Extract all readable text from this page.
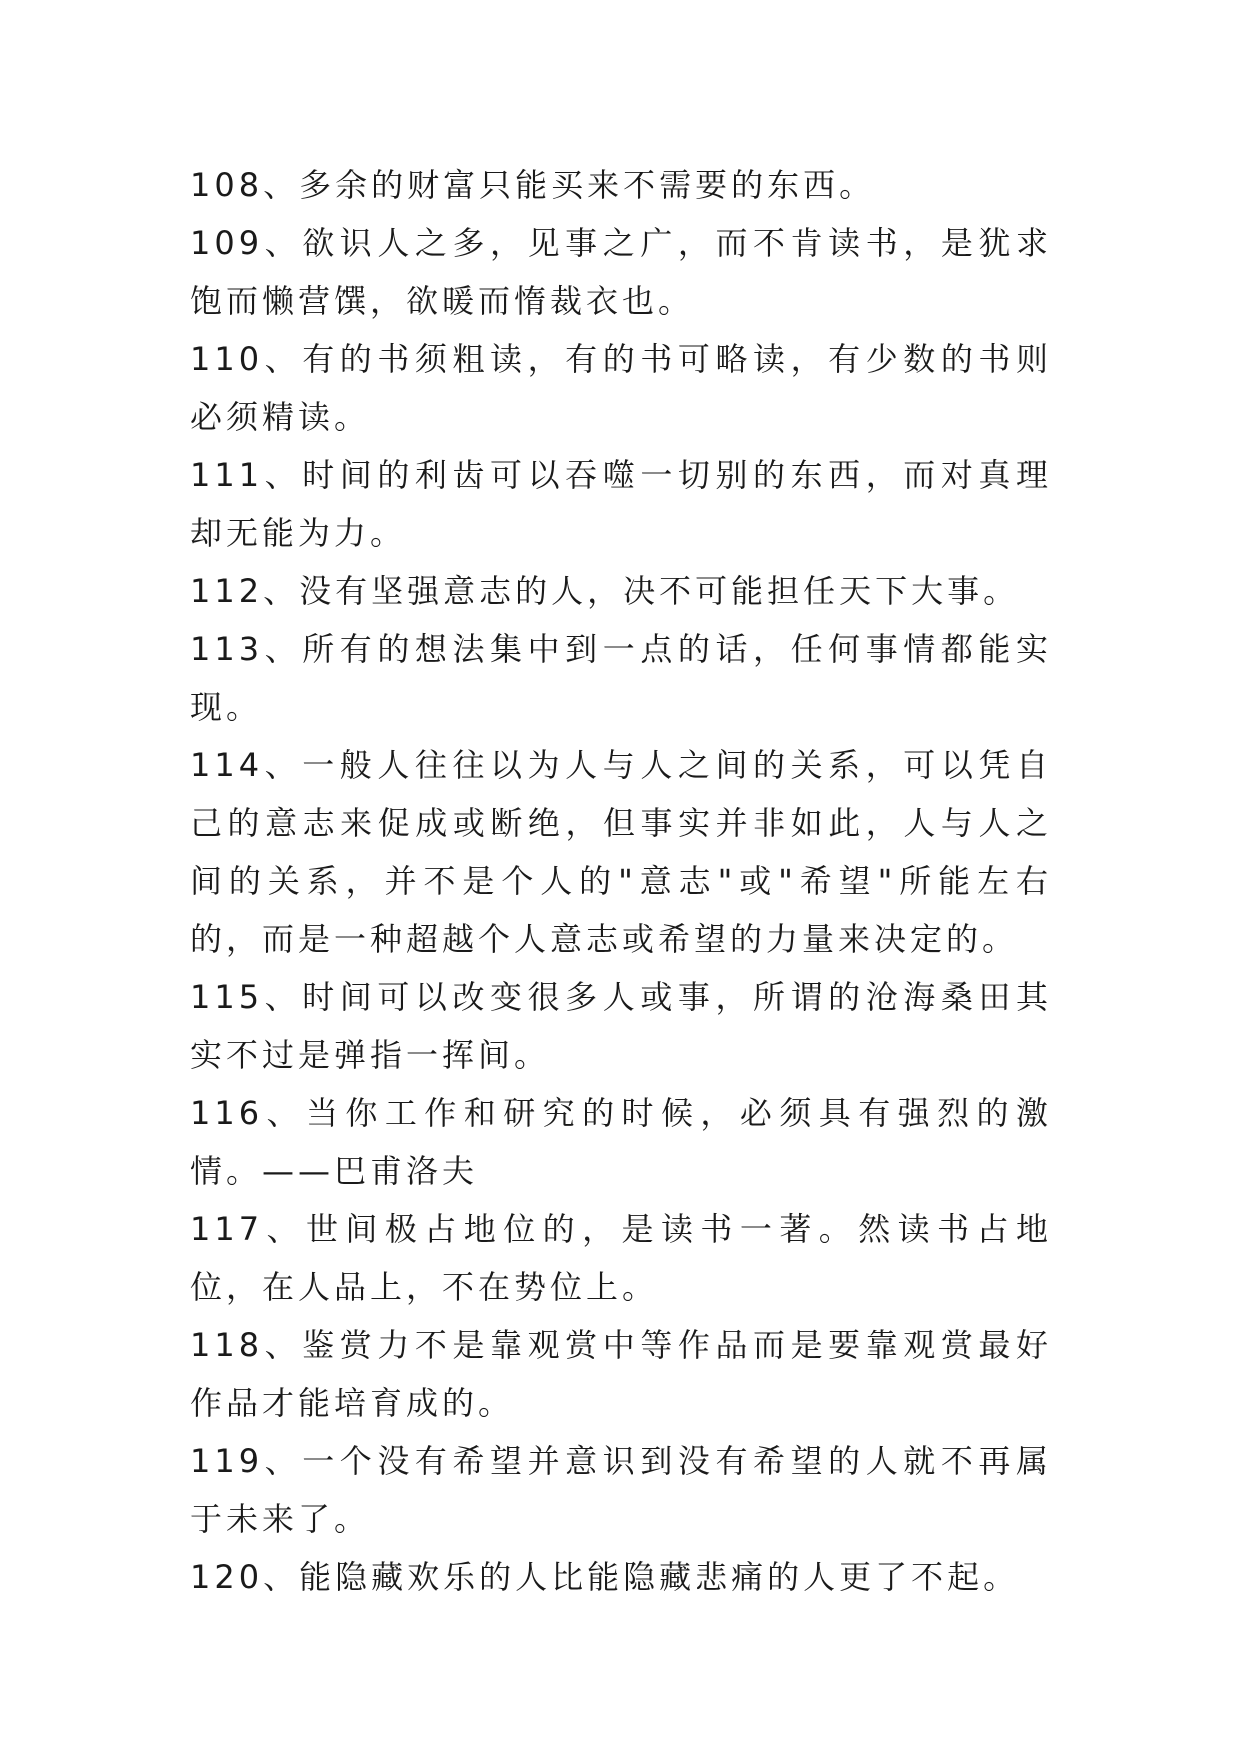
108、多余的财富只能买来不需要的东西。

109、欲识人之多，见事之广，而不肯读书，是犹求饱而懒营馔，欲暖而惰裁衣也。

110、有的书须粗读，有的书可略读，有少数的书则必须精读。

111、时间的利齿可以吞噬一切别的东西，而对真理却无能为力。

112、没有坚强意志的人，决不可能担任天下大事。

113、所有的想法集中到一点的话，任何事情都能实现。

114、一般人往往以为人与人之间的关系，可以凭自己的意志来促成或断绝，但事实并非如此，人与人之间的关系，并不是个人的"意志"或"希望"所能左右的，而是一种超越个人意志或希望的力量来决定的。

115、时间可以改变很多人或事，所谓的沧海桑田其实不过是弹指一挥间。

116、当你工作和研究的时候，必须具有强烈的激情。——巴甫洛夫

117、世间极占地位的，是读书一著。然读书占地位，在人品上，不在势位上。

118、鉴赏力不是靠观赏中等作品而是要靠观赏最好作品才能培育成的。

119、一个没有希望并意识到没有希望的人就不再属于未来了。

120、能隐藏欢乐的人比能隐藏悲痛的人更了不起。
